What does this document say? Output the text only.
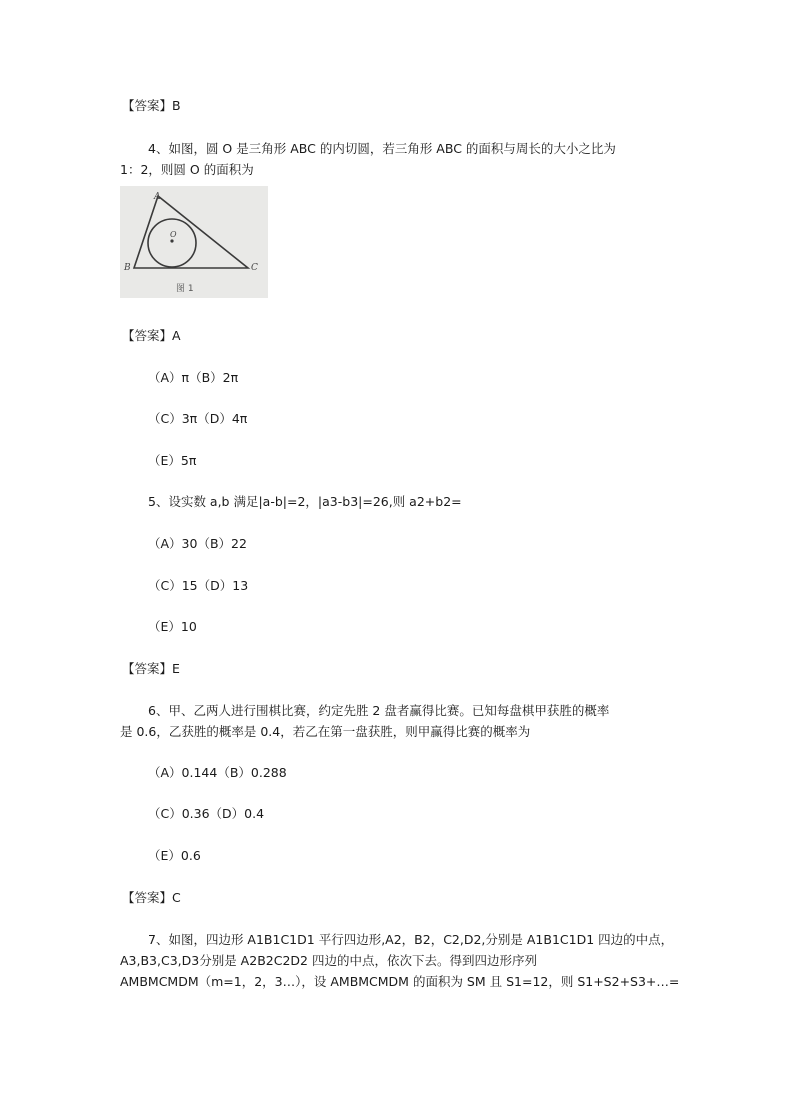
【答案】B
4、如图，圆 O 是三角形 ABC 的内切圆，若三角形 ABC 的面积与周长的大小之比为
1：2，则圆 O 的面积为
A
B	C
O
图 1
【答案】A
（A）π（B）2π
（C）3π（D）4π
（E）5π
5、设实数 a,b 满足|a-b|=2，|a3-b3|=26,则 a2+b2=
（A）30（B）22
（C）15（D）13
（E）10
【答案】E
6、甲、乙两人进行围棋比赛，约定先胜 2 盘者赢得比赛。已知每盘棋甲获胜的概率
是 0.6，乙获胜的概率是 0.4，若乙在第一盘获胜，则甲赢得比赛的概率为
（A）0.144（B）0.288
（C）0.36（D）0.4
（E）0.6
【答案】C
7、如图，四边形 A1B1C1D1 平行四边形,A2，B2，C2,D2,分别是 A1B1C1D1 四边的中点，
A3,B3,C3,D3分别是 A2B2C2D2 四边的中点，依次下去。得到四边形序列
AMBMCMDM（m=1，2，3…），设 AMBMCMDM 的面积为 SM 且 S1=12，则 S1+S2+S3+…=
